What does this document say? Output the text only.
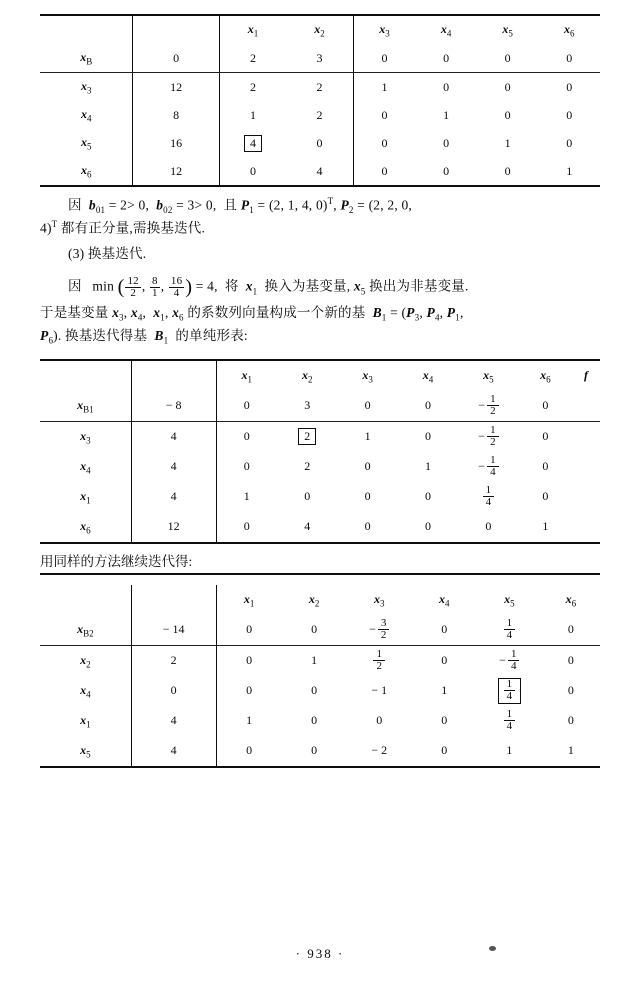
		$x_1$	$x_2$	$x_3$	$x_4$	$x_5$	$x_6$
$x_B$	0	2	3	0	0	0	0
$x_3$	12	2	2	1	0	0	0
$x_4$	8	1	2	0	1	0	0
$x_5$	16	4	0	0	0	1	0
$x_6$	12	0	4	0	0	0	1
因  $b_{01} = 2> 0$,  $b_{02} = 3> 0$,  且 $P_1 = (2$, 1, 4, 0)$^T$, $P_2 = (2$, 2, 0,
4)$^T$ 都有正分量,需换基迭代.
(3) 换基迭代.
因   min ( $\frac{12}{2}$ , $\frac{8}{1}$ , $\frac{16}{4}$ ) = 4,  将  $x_1$  换入为基变量, $x_5$ 换出为非基变量.
于是基变量 $x_3$, $x_4$,  $x_1$, $x_6$ 的系数列向量构成一个新的基  $B_1 = (P_3$, $P_4$, $P_1$,
$P_6$). 换基迭代得基  $B_1$  的单纯形表:
		$x_1$	$x_2$	$x_3$	$x_4$	$x_5$	$x_6$	f
$x_{B1}$	− 8	0	3	0	0	− $\frac{1}{2}$	0	
$x_3$	4	0	2	1	0	− $\frac{1}{2}$	0	
$x_4$	4	0	2	0	1	− $\frac{1}{4}$	0	
$x_1$	4	1	0	0	0	$\frac{1}{4}$	0	
$x_6$	12	0	4	0	0	0	1	
用同样的方法继续迭代得:
		$x_1$	$x_2$	$x_3$	$x_4$	$x_5$	$x_6$
$x_{B2}$	− 14	0	0	− $\frac{3}{2}$	0	$\frac{1}{4}$	0
$x_2$	2	0	1	$\frac{1}{2}$	0	− $\frac{1}{4}$	0
$x_4$	0	0	0	− 1	1	$\frac{1}{4}$	0
$x_1$	4	1	0	0	0	$\frac{1}{4}$	0
$x_5$	4	0	0	− 2	0	1	1
· 938 ·
